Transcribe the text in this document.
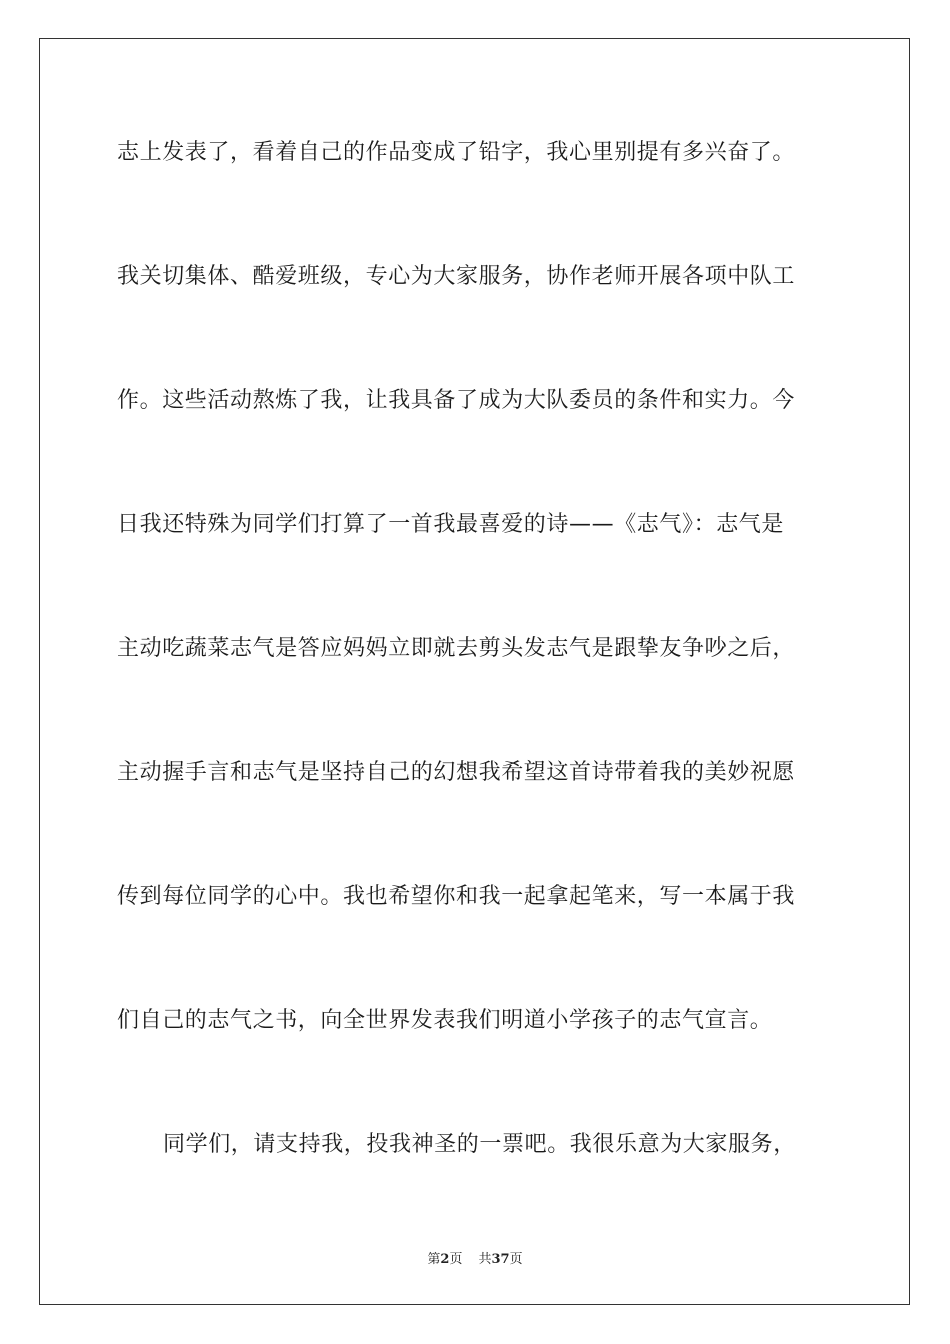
志上发表了，看着自己的作品变成了铅字，我心里别提有多兴奋了。
我关切集体、酷爱班级，专心为大家服务，协作老师开展各项中队工
作。这些活动熬炼了我，让我具备了成为大队委员的条件和实力。今
日我还特殊为同学们打算了一首我最喜爱的诗——《志气》：志气是
主动吃蔬菜志气是答应妈妈立即就去剪头发志气是跟挚友争吵之后，
主动握手言和志气是坚持自己的幻想我希望这首诗带着我的美妙祝愿
传到每位同学的心中。我也希望你和我一起拿起笔来，写一本属于我
们自己的志气之书，向全世界发表我们明道小学孩子的志气宣言。
同学们，请支持我，投我神圣的一票吧。我很乐意为大家服务，
第2页 共37页
